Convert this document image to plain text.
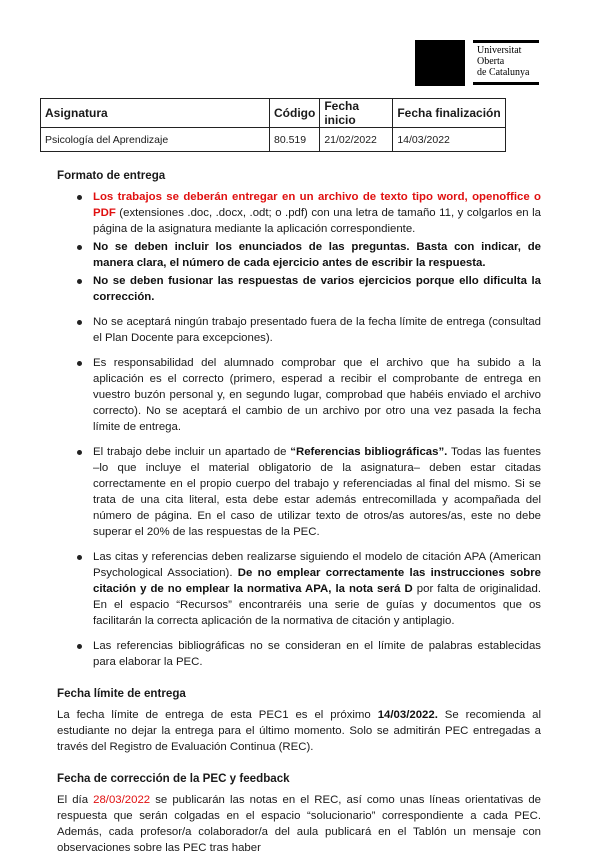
Universitat
Oberta
de Catalunya
Asignatura	Código	Fecha inicio	Fecha finalización
Psicología del Aprendizaje	80.519	21/02/2022	14/03/2022
Formato de entrega
Los trabajos se deberán entregar en un archivo de texto tipo word, openoffice o PDF (extensiones .doc, .docx, .odt; o .pdf) con una letra de tamaño 11, y colgarlos en la página de la asignatura mediante la aplicación correspondiente.
No se deben incluir los enunciados de las preguntas. Basta con indicar, de manera clara, el número de cada ejercicio antes de escribir la respuesta.
No se deben fusionar las respuestas de varios ejercicios porque ello dificulta la corrección.
No se aceptará ningún trabajo presentado fuera de la fecha límite de entrega (consultad el Plan Docente para excepciones).
Es responsabilidad del alumnado comprobar que el archivo que ha subido a la aplicación es el correcto (primero, esperad a recibir el comprobante de entrega en vuestro buzón personal y, en segundo lugar, comprobad que habéis enviado el archivo correcto). No se aceptará el cambio de un archivo por otro una vez pasada la fecha límite de entrega.
El trabajo debe incluir un apartado de “Referencias bibliográficas”. Todas las fuentes –lo que incluye el material obligatorio de la asignatura– deben estar citadas correctamente en el propio cuerpo del trabajo y referenciadas al final del mismo. Si se trata de una cita literal, esta debe estar además entrecomillada y acompañada del número de página. En el caso de utilizar texto de otros/as autores/as, este no debe superar el 20% de las respuestas de la PEC.
Las citas y referencias deben realizarse siguiendo el modelo de citación APA (American Psychological Association). De no emplear correctamente las instrucciones sobre citación y de no emplear la normativa APA, la nota será D por falta de originalidad. En el espacio “Recursos” encontraréis una serie de guías y documentos que os facilitarán la correcta aplicación de la normativa de citación y antiplagio.
Las referencias bibliográficas no se consideran en el límite de palabras establecidas para elaborar la PEC.
Fecha límite de entrega
La fecha límite de entrega de esta PEC1 es el próximo 14/03/2022. Se recomienda al estudiante no dejar la entrega para el último momento. Solo se admitirán PEC entregadas a través del Registro de Evaluación Continua (REC).
Fecha de corrección de la PEC y feedback
El día 28/03/2022 se publicarán las notas en el REC, así como unas líneas orientativas de respuesta que serán colgadas en el espacio “solucionario” correspondiente a cada PEC. Además, cada profesor/a colaborador/a del aula publicará en el Tablón un mensaje con observaciones sobre las PEC tras haber
